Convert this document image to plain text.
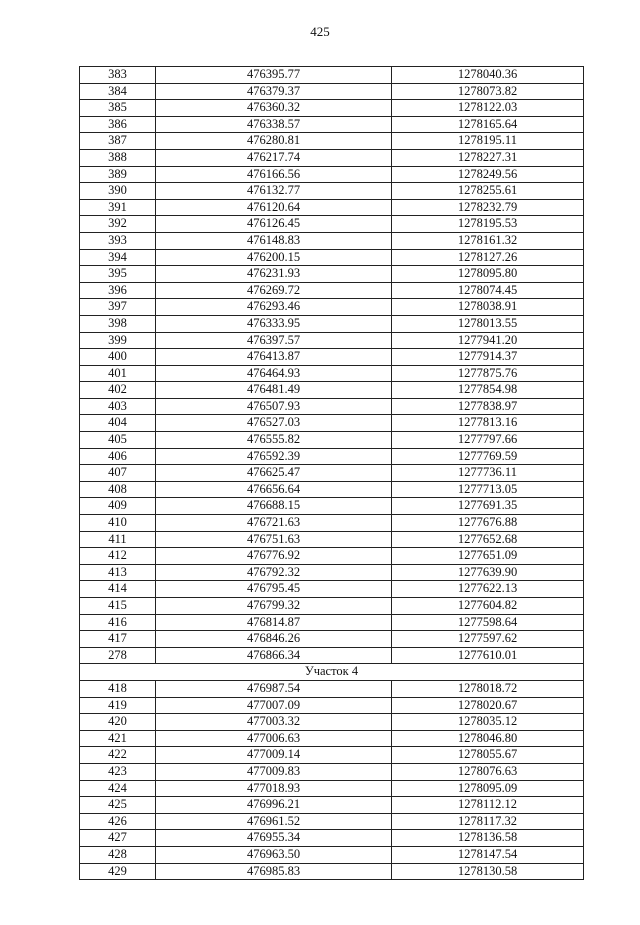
425
383	476395.77	1278040.36
384	476379.37	1278073.82
385	476360.32	1278122.03
386	476338.57	1278165.64
387	476280.81	1278195.11
388	476217.74	1278227.31
389	476166.56	1278249.56
390	476132.77	1278255.61
391	476120.64	1278232.79
392	476126.45	1278195.53
393	476148.83	1278161.32
394	476200.15	1278127.26
395	476231.93	1278095.80
396	476269.72	1278074.45
397	476293.46	1278038.91
398	476333.95	1278013.55
399	476397.57	1277941.20
400	476413.87	1277914.37
401	476464.93	1277875.76
402	476481.49	1277854.98
403	476507.93	1277838.97
404	476527.03	1277813.16
405	476555.82	1277797.66
406	476592.39	1277769.59
407	476625.47	1277736.11
408	476656.64	1277713.05
409	476688.15	1277691.35
410	476721.63	1277676.88
411	476751.63	1277652.68
412	476776.92	1277651.09
413	476792.32	1277639.90
414	476795.45	1277622.13
415	476799.32	1277604.82
416	476814.87	1277598.64
417	476846.26	1277597.62
278	476866.34	1277610.01
Участок 4		
418	476987.54	1278018.72
419	477007.09	1278020.67
420	477003.32	1278035.12
421	477006.63	1278046.80
422	477009.14	1278055.67
423	477009.83	1278076.63
424	477018.93	1278095.09
425	476996.21	1278112.12
426	476961.52	1278117.32
427	476955.34	1278136.58
428	476963.50	1278147.54
429	476985.83	1278130.58
